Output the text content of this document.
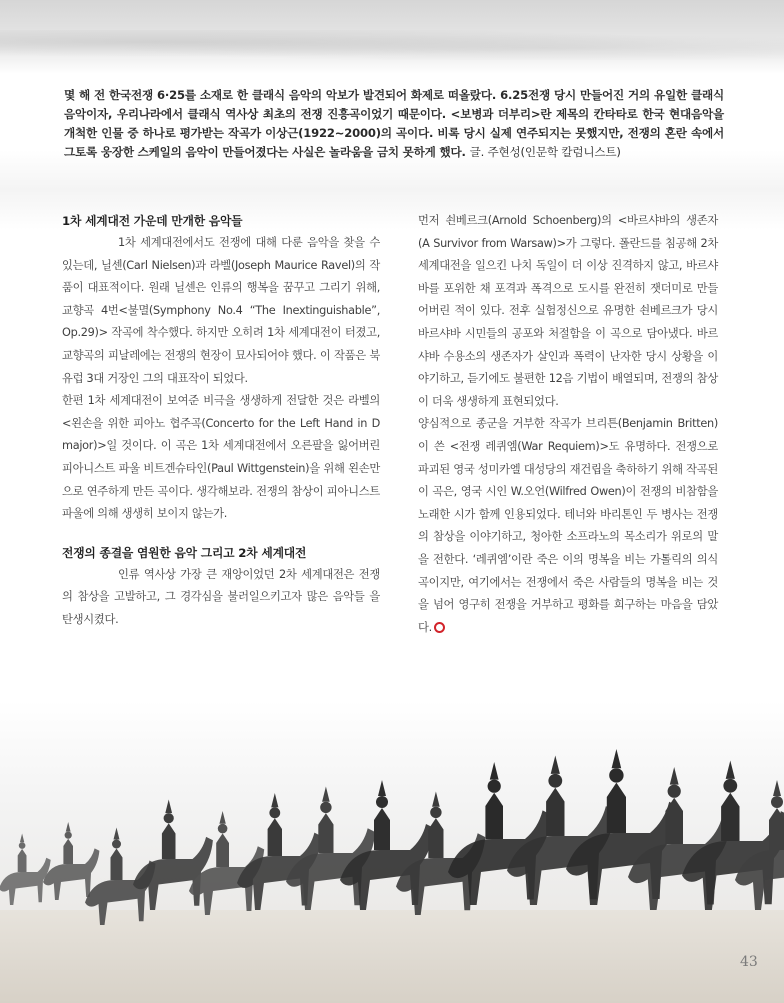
몇 해 전 한국전쟁 6·25를 소재로 한 클래식 음악의 악보가 발견되어 화제로 떠올랐다. 6.25전쟁 당시 만들어진 거의 유일한 클래식 음악이자, 우리나라에서 클래식 역사상 최초의 전쟁 진흥곡이었기 때문이다. <보병과 더부리>란 제목의 칸타타로 한국 현대음악을 개척한 인물 중 하나로 평가받는 작곡가 이상근(1922~2000)의 곡이다. 비록 당시 실제 연주되지는 못했지만, 전쟁의 혼란 속에서 그토록 웅장한 스케일의 음악이 만들어졌다는 사실은 놀라움을 금치 못하게 했다. 글. 주현성(인문학 칼럼니스트)

1차 세계대전 가운데 만개한 음악들

1차 세계대전에서도 전쟁에 대해 다룬 음악을 찾을 수 있는데, 닐센(Carl Nielsen)과 라벨(Joseph Maurice Ravel)의 작품이 대표적이다. 원래 닐센은 인류의 행복을 꿈꾸고 그리기 위해, 교향곡 4번<불멸(Symphony No.4 “The Inextinguishable”, Op.29)> 작곡에 착수했다. 하지만 오히려 1차 세계대전이 터졌고, 교향곡의 피날레에는 전쟁의 현장이 묘사되어야 했다. 이 작품은 북유럽 3대 거장인 그의 대표작이 되었다.

한편 1차 세계대전이 보여준 비극을 생생하게 전달한 것은 라벨의 <왼손을 위한 피아노 협주곡(Concerto for the Left Hand in D major)>일 것이다. 이 곡은 1차 세계대전에서 오른팔을 잃어버린 피아니스트 파울 비트겐슈타인(Paul Wittgenstein)을 위해 왼손만으로 연주하게 만든 곡이다. 생각해보라. 전쟁의 참상이 피아니스트 파울에 의해 생생히 보이지 않는가.

전쟁의 종결을 염원한 음악 그리고 2차 세계대전

인류 역사상 가장 큰 재앙이었던 2차 세계대전은 전쟁의 참상을 고발하고, 그 경각심을 불러일으키고자 많은 음악들 을 탄생시켰다.

먼저 쇤베르크(Arnold Schoenberg)의 <바르샤바의 생존자(A Survivor from Warsaw)>가 그렇다. 폴란드를 침공해 2차 세계대전을 일으킨 나치 독일이 더 이상 진격하지 않고, 바르샤바를 포위한 채 포격과 폭격으로 도시를 완전히 잿더미로 만들어버린 적이 있다. 전후 실험정신으로 유명한 쇤베르크가 당시 바르샤바 시민들의 공포와 처절함을 이 곡으로 담아냈다. 바르샤바 수용소의 생존자가 살인과 폭력이 난자한 당시 상황을 이야기하고, 듣기에도 불편한 12음 기법이 배열되며, 전쟁의 참상이 더욱 생생하게 표현되었다.

양심적으로 종군을 거부한 작곡가 브리튼(Benjamin Britten)이 쓴 <전쟁 레퀴엠(War Requiem)>도 유명하다. 전쟁으로 파괴된 영국 성미카엘 대성당의 재건립을 축하하기 위해 작곡된 이 곡은, 영국 시인 W.오언(Wilfred Owen)이 전쟁의 비참함을 노래한 시가 함께 인용되었다. 테너와 바리톤인 두 병사는 전쟁의 참상을 이야기하고, 청아한 소프라노의 목소리가 위로의 말을 전한다. ‘레퀴엠’이란 죽은 이의 명복을 비는 가톨릭의 의식곡이지만, 여기에서는 전쟁에서 죽은 사람들의 명복을 비는 것을 넘어 영구히 전쟁을 거부하고 평화를 희구하는 마음을 담았다.

43
